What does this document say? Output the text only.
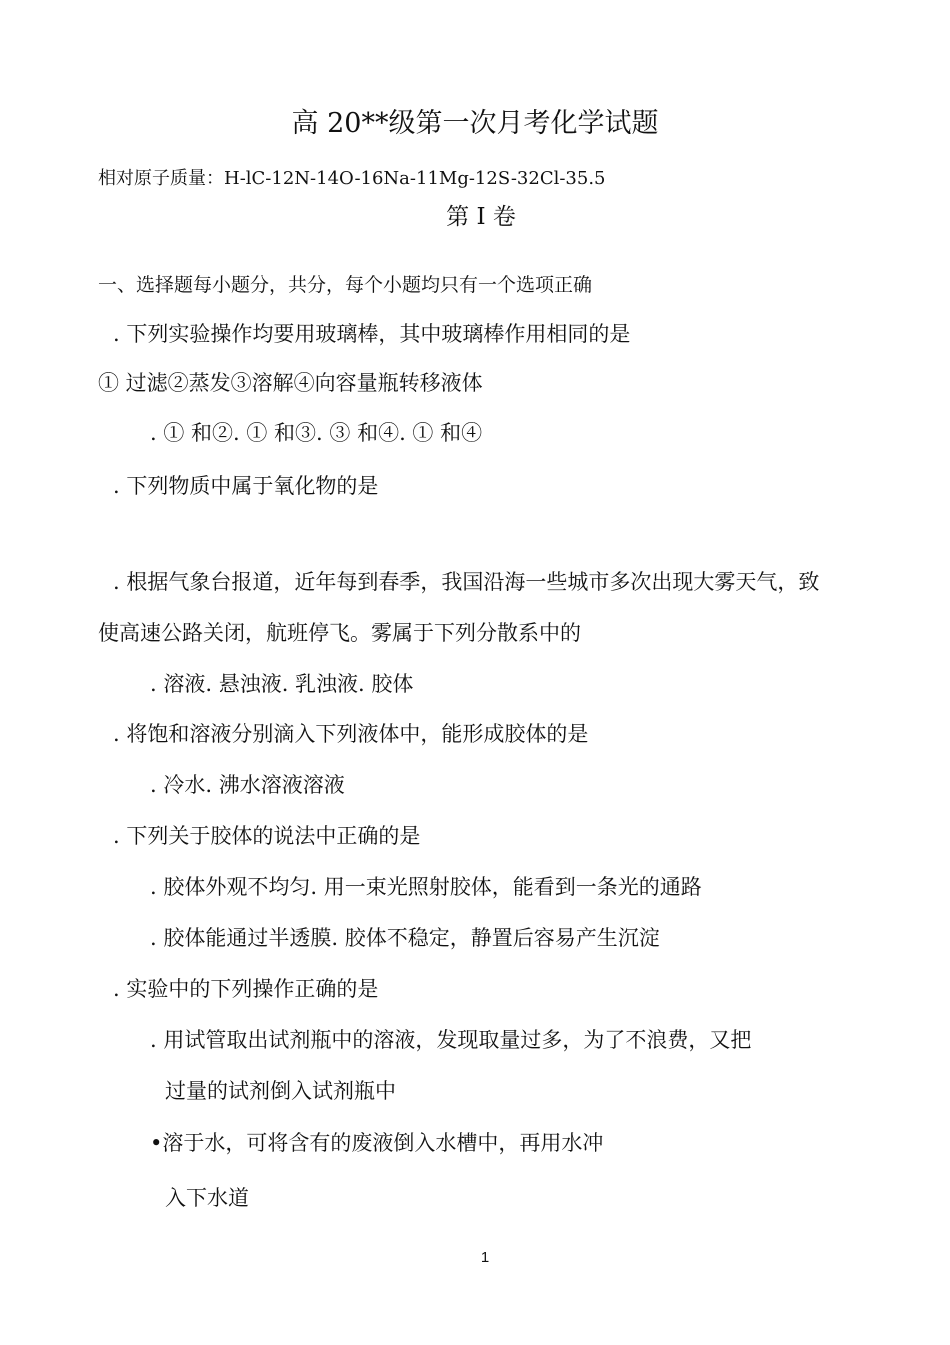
高 20**级第一次月考化学试题
相对原子质量：H-lC-12N-14O-16Na-11Mg-12S-32Cl-35.5
第 I 卷
一、选择题每小题分，共分，每个小题均只有一个选项正确
. 下列实验操作均要用玻璃棒，其中玻璃棒作用相同的是
① 过滤②蒸发③溶解④向容量瓶转移液体
. ① 和②. ① 和③. ③ 和④. ① 和④
. 下列物质中属于氧化物的是
. 根据气象台报道，近年每到春季，我国沿海一些城市多次出现大雾天气，致
使高速公路关闭，航班停飞。雾属于下列分散系中的
. 溶液. 悬浊液. 乳浊液. 胶体
. 将饱和溶液分别滴入下列液体中，能形成胶体的是
. 冷水. 沸水溶液溶液
. 下列关于胶体的说法中正确的是
. 胶体外观不均匀. 用一束光照射胶体，能看到一条光的通路
. 胶体能通过半透膜. 胶体不稳定，静置后容易产生沉淀
. 实验中的下列操作正确的是
. 用试管取出试剂瓶中的溶液，发现取量过多，为了不浪费，又把
过量的试剂倒入试剂瓶中
•溶于水，可将含有的废液倒入水槽中，再用水冲
入下水道
1
